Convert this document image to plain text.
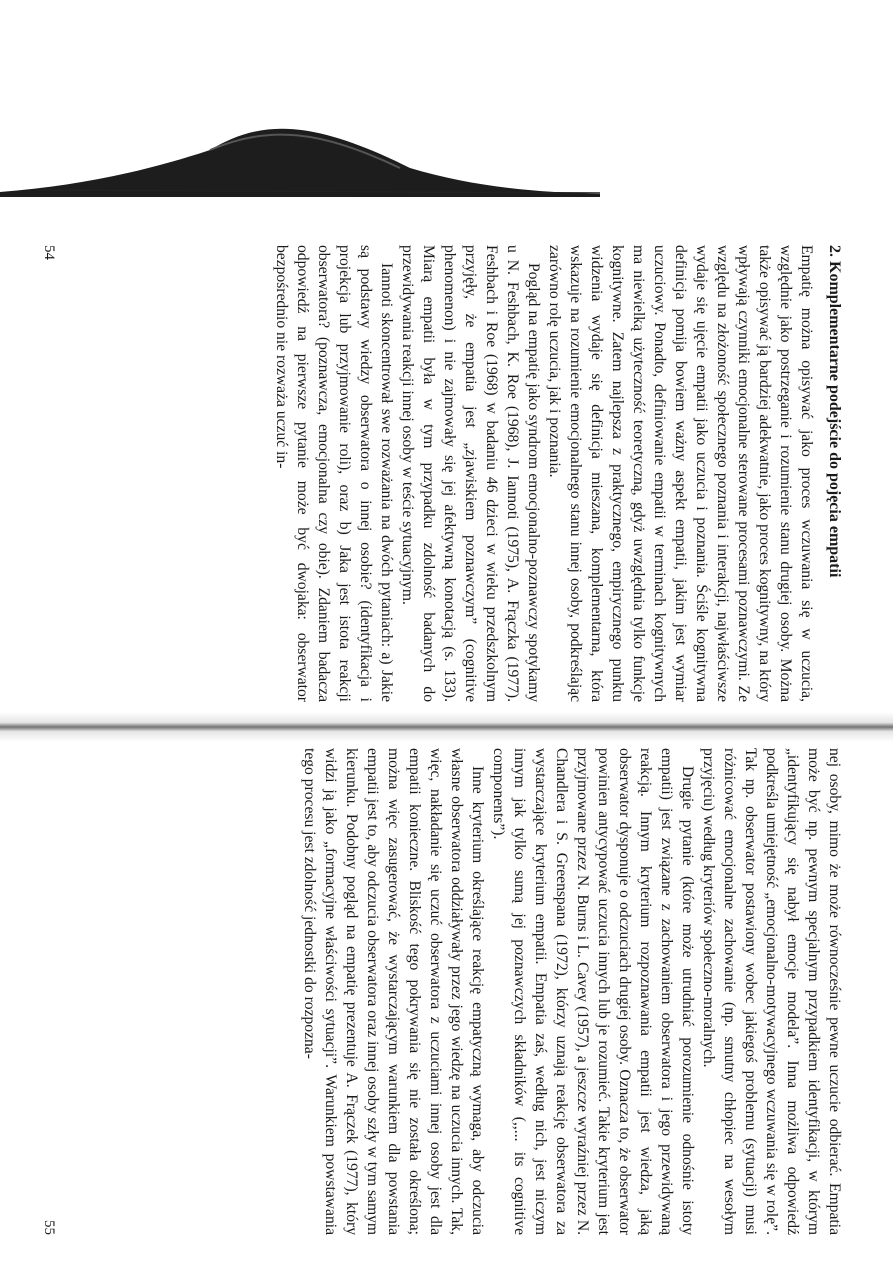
2. Komplementarne podejście do pojęcia empatii

Empatię można opisywać jako proces wczuwania się w uczucia, względnie jako postrzeganie i rozumienie stanu drugiej osoby. Można także opisywać ją bardziej adekwatnie, jako proces kognitywny, na który wpływają czynniki emocjonalne sterowane procesami poznawczymi. Ze względu na złożoność społecznego poznania i interakcji, najwłaściwsze wydaje się ujęcie empatii jako uczucia i poznania. Ściśle kognitywna definicja pomija bowiem ważny aspekt empatii, jakim jest wymiar uczuciowy. Ponadto, definiowanie empatii w terminach kognitywnych ma niewielką użyteczność teoretyczną, gdyż uwzględnia tylko funkcje kognitywne. Zatem najlepsza z praktycznego, empirycznego punktu widzenia wydaje się definicja mieszana, komplementarna, która wskazuje na rozumienie emocjonalnego stanu innej osoby, podkreślając zarówno rolę uczucia, jak i poznania.

Pogląd na empatię jako syndrom emocjonalno-poznawczy spotykamy u N. Feshbach, K. Roe (1968), J. Iannoti (1975), A. Frączka (1977). Feshbach i Roe (1968) w badaniu 46 dzieci w wieku przedszkolnym przyjęły, że empatia jest „zjawiskiem poznawczym” (cognitive phenomenon) i nie zajmowały się jej afektywną konotacją (s. 133). Miarą empatii była w tym przypadku zdolność badanych do przewidywania reakcji innej osoby w teście sytuacyjnym.

Iannoti skoncentrował swe rozważania na dwóch pytaniach: a) Jakie są podstawy wiedzy obserwatora o innej osobie? (identyfikacja i projekcja lub przyjmowanie roli), oraz b) Jaka jest istota reakcji obserwatora? (poznawcza, emocjonalna czy obie). Zdaniem badacza odpowiedź na pierwsze pytanie może być dwojaka: obserwator bezpośrednio nie rozważa uczuć in-

54

nej osoby, mimo że może równocześnie pewne uczucie odbierać. Empatia może być np. pewnym specjalnym przypadkiem identyfikacji, w którym „identyfikujący się nabył emocje modela”. Inna możliwa odpowiedź podkreśla umiejętność „emocjonalno-motywacyjnego wczuwania się w rolę”. Tak np. obserwator postawiony wobec jakiegoś problemu (sytuacji) musi różnicować emocjonalne zachowanie (np. smutny chłopiec na wesołym przyjęciu) według kryteriów społeczno-moralnych.

Drugie pytanie (które może utrudniać porozumienie odnośnie istoty empatii) jest związane z zachowaniem obserwatora i jego przewidywaną reakcją. Innym kryterium rozpoznawania empatii jest wiedza, jaką obserwator dysponuje o odczuciach drugiej osoby. Oznacza to, że obserwator powinien antycypować uczucia innych lub je rozumieć. Takie kryterium jest przyjmowane przez N. Burns i L. Cavey (1957), a jeszcze wyraźniej przez N. Chandlera i S. Greenspana (1972), którzy uznają reakcję obserwatora za wystarczające kryterium empatii. Empatia zaś, według nich, jest niczym innym jak tylko sumą jej poznawczych składników (,,... its cognitive components”).

Inne kryterium określające reakcję empatyczną wymaga, aby odczucia własne obserwatora oddziaływały przez jego wiedzę na uczucia innych. Tak, więc, nakładanie się uczuć obserwatora z uczuciami innej osoby jest dla empatii konieczne. Bliskość tego pokrywania się nie została określona; można więc zasugerować, że wystarczającym warunkiem dla powstania empatii jest to, aby odczucia obserwatora oraz innej osoby szły w tym samym kierunku. Podobny pogląd na empatię prezentuje A. Frączek (1977), który widzi ją jako „formacyjne właściwości sytuacji”. Warunkiem powstawania tego procesu jest zdolność jednostki do rozpozna-

55
